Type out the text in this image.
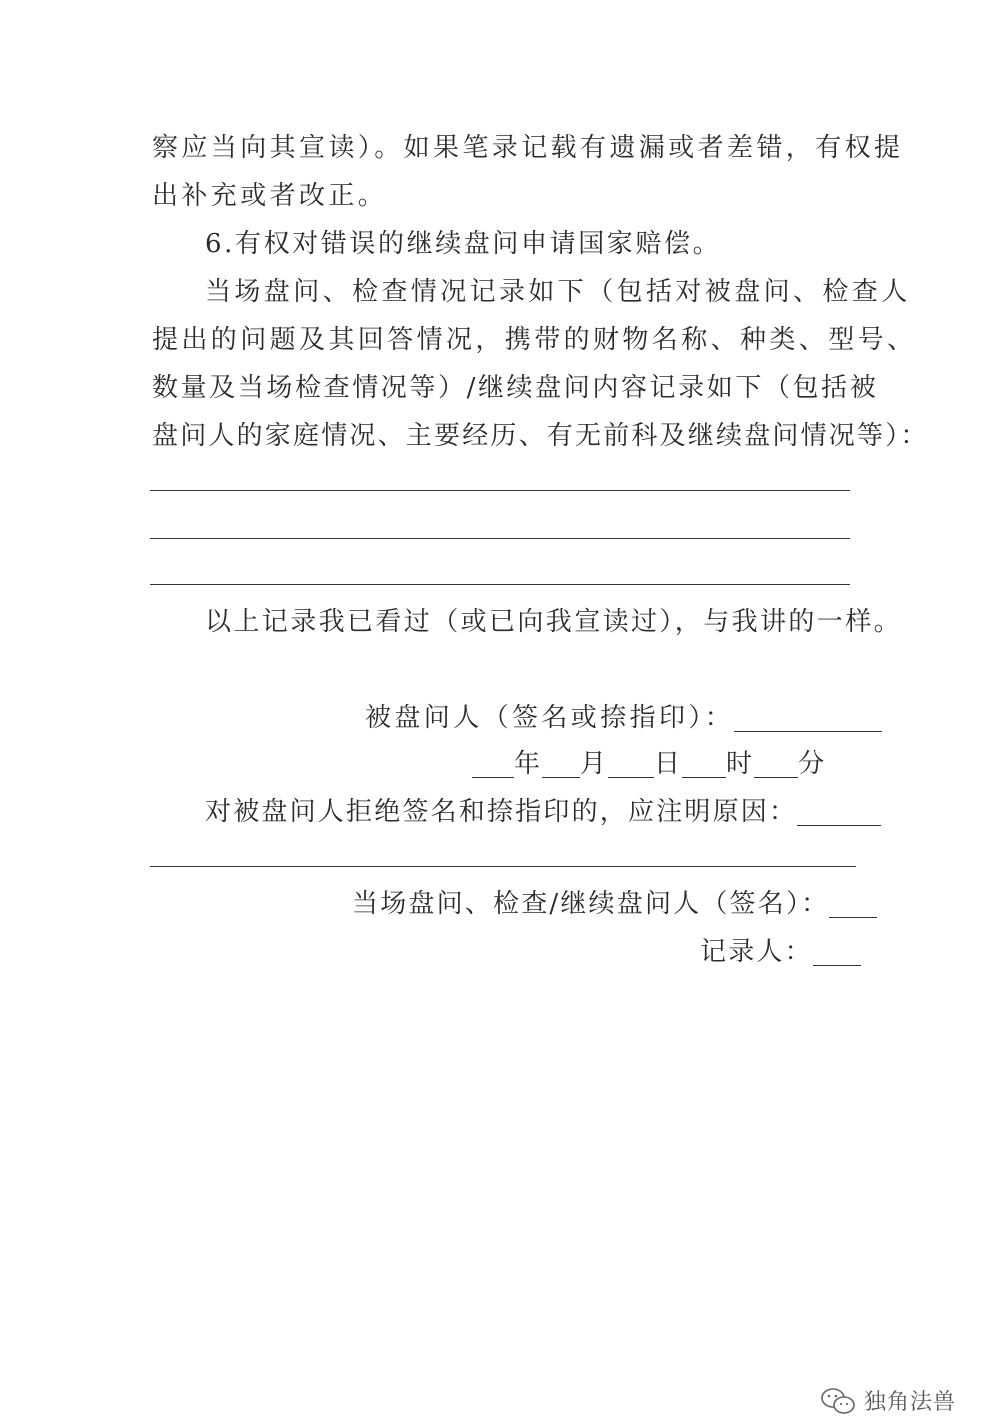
察应当向其宣读）。如果笔录记载有遗漏或者差错，有权提
出补充或者改正。
6.有权对错误的继续盘问申请国家赔偿。
当场盘问、检查情况记录如下（包括对被盘问、检查人
提出的问题及其回答情况，携带的财物名称、种类、型号、
数量及当场检查情况等）/继续盘问内容记录如下（包括被
盘问人的家庭情况、主要经历、有无前科及继续盘问情况等）：
以上记录我已看过（或已向我宣读过），与我讲的一样。
被盘问人（签名或捺指印）：
年 月 日 时 分
对被盘问人拒绝签名和捺指印的，应注明原因：
当场盘问、检查/继续盘问人（签名）：
记录人：
独角法兽
